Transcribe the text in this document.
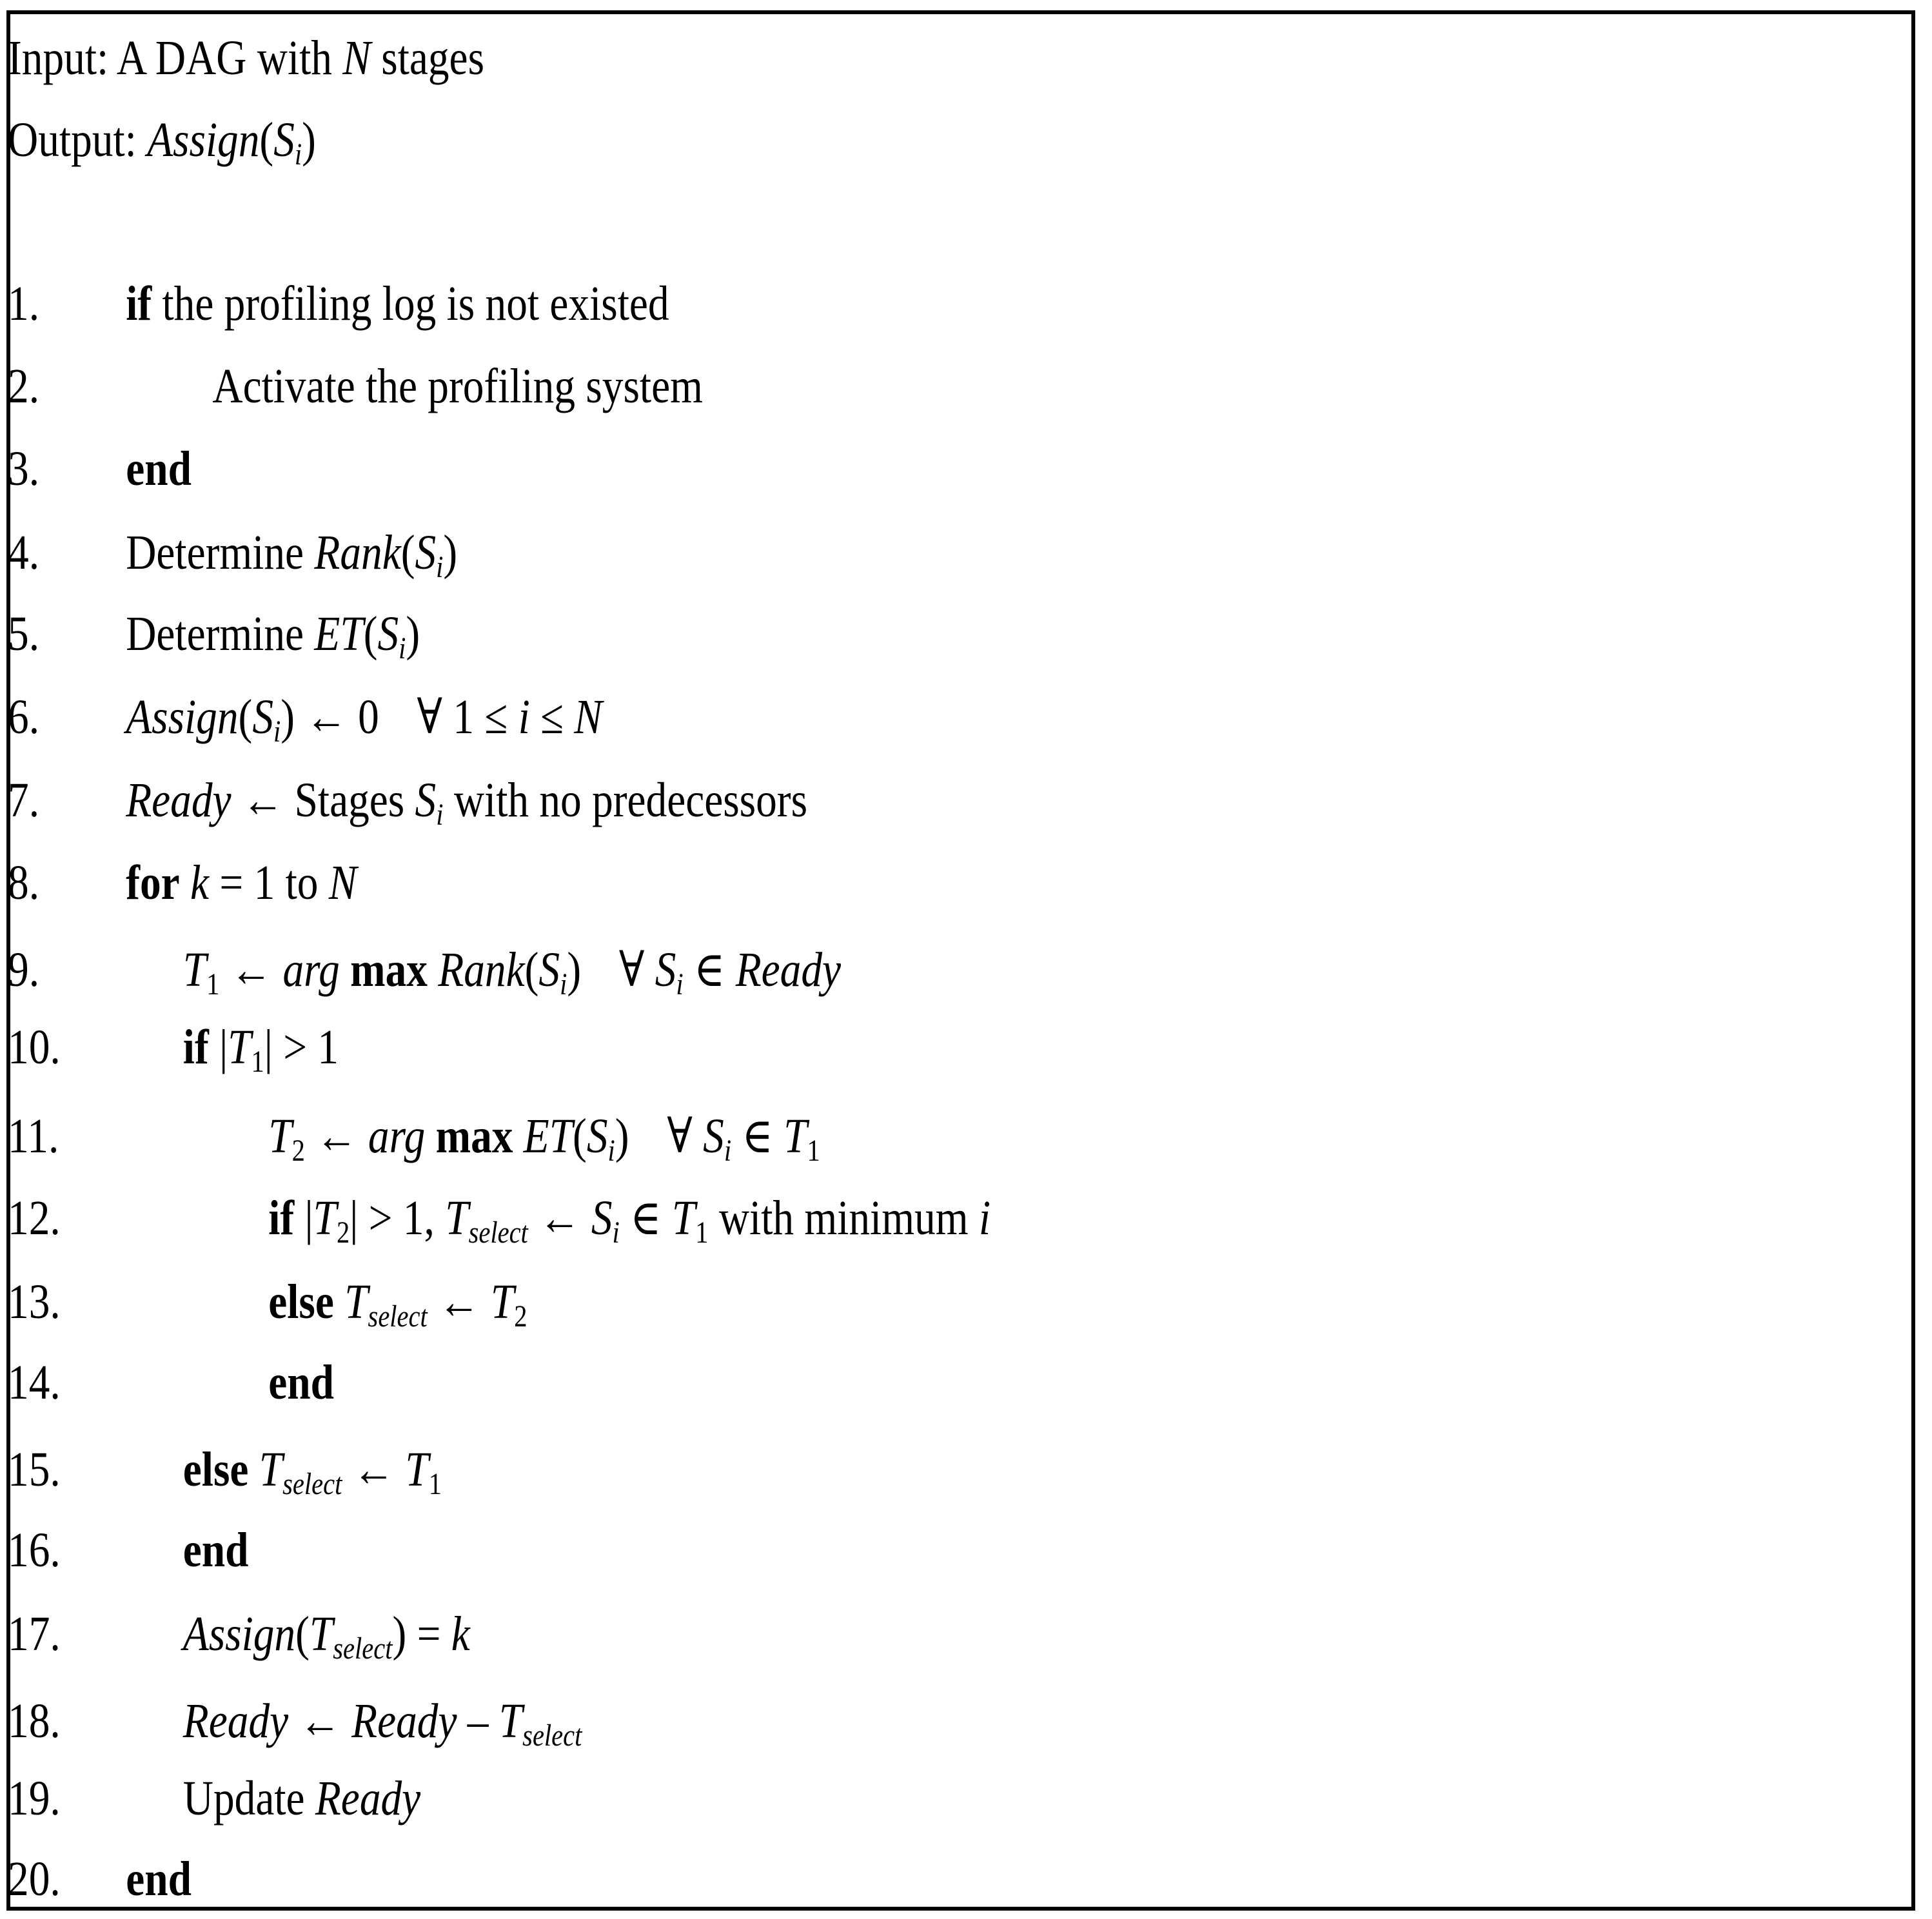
Input: A DAG with N stages
Output: $Assign(S_i)$
1. if the profiling log is not existed
2.	Activate the profiling system
3. end
4. Determine $Rank(S_i)$
5. Determine $ET(S_i)$
6. $Assign(S_i)$ ← 0 ∀ 1 ≤ i ≤ N
7. Ready ← Stages $S_i$ with no predecessors
8. for k = 1 to N
9.	$T_1$ ← arg $\max Rank(S_i)$ ∀ $S_i$ ∈ Ready
10.	if $|T_1| > 1$
11.	$T_2$ ← arg $\max ET(S_i)$ ∀ $S_i$ ∈ $T_1$
12.	if $|T_2| > 1$, $T_{select}$ ← $S_i$ ∈ $T_1$ with minimum i
13.	else $T_{select}$ ← $T_2$
14.	end
15.	else $T_{select}$ ← $T_1$
16.	end
17.	$Assign(T_{select}) = k$
18.	Ready ← Ready – $T_{select}$
19.	Update Ready
20. end
